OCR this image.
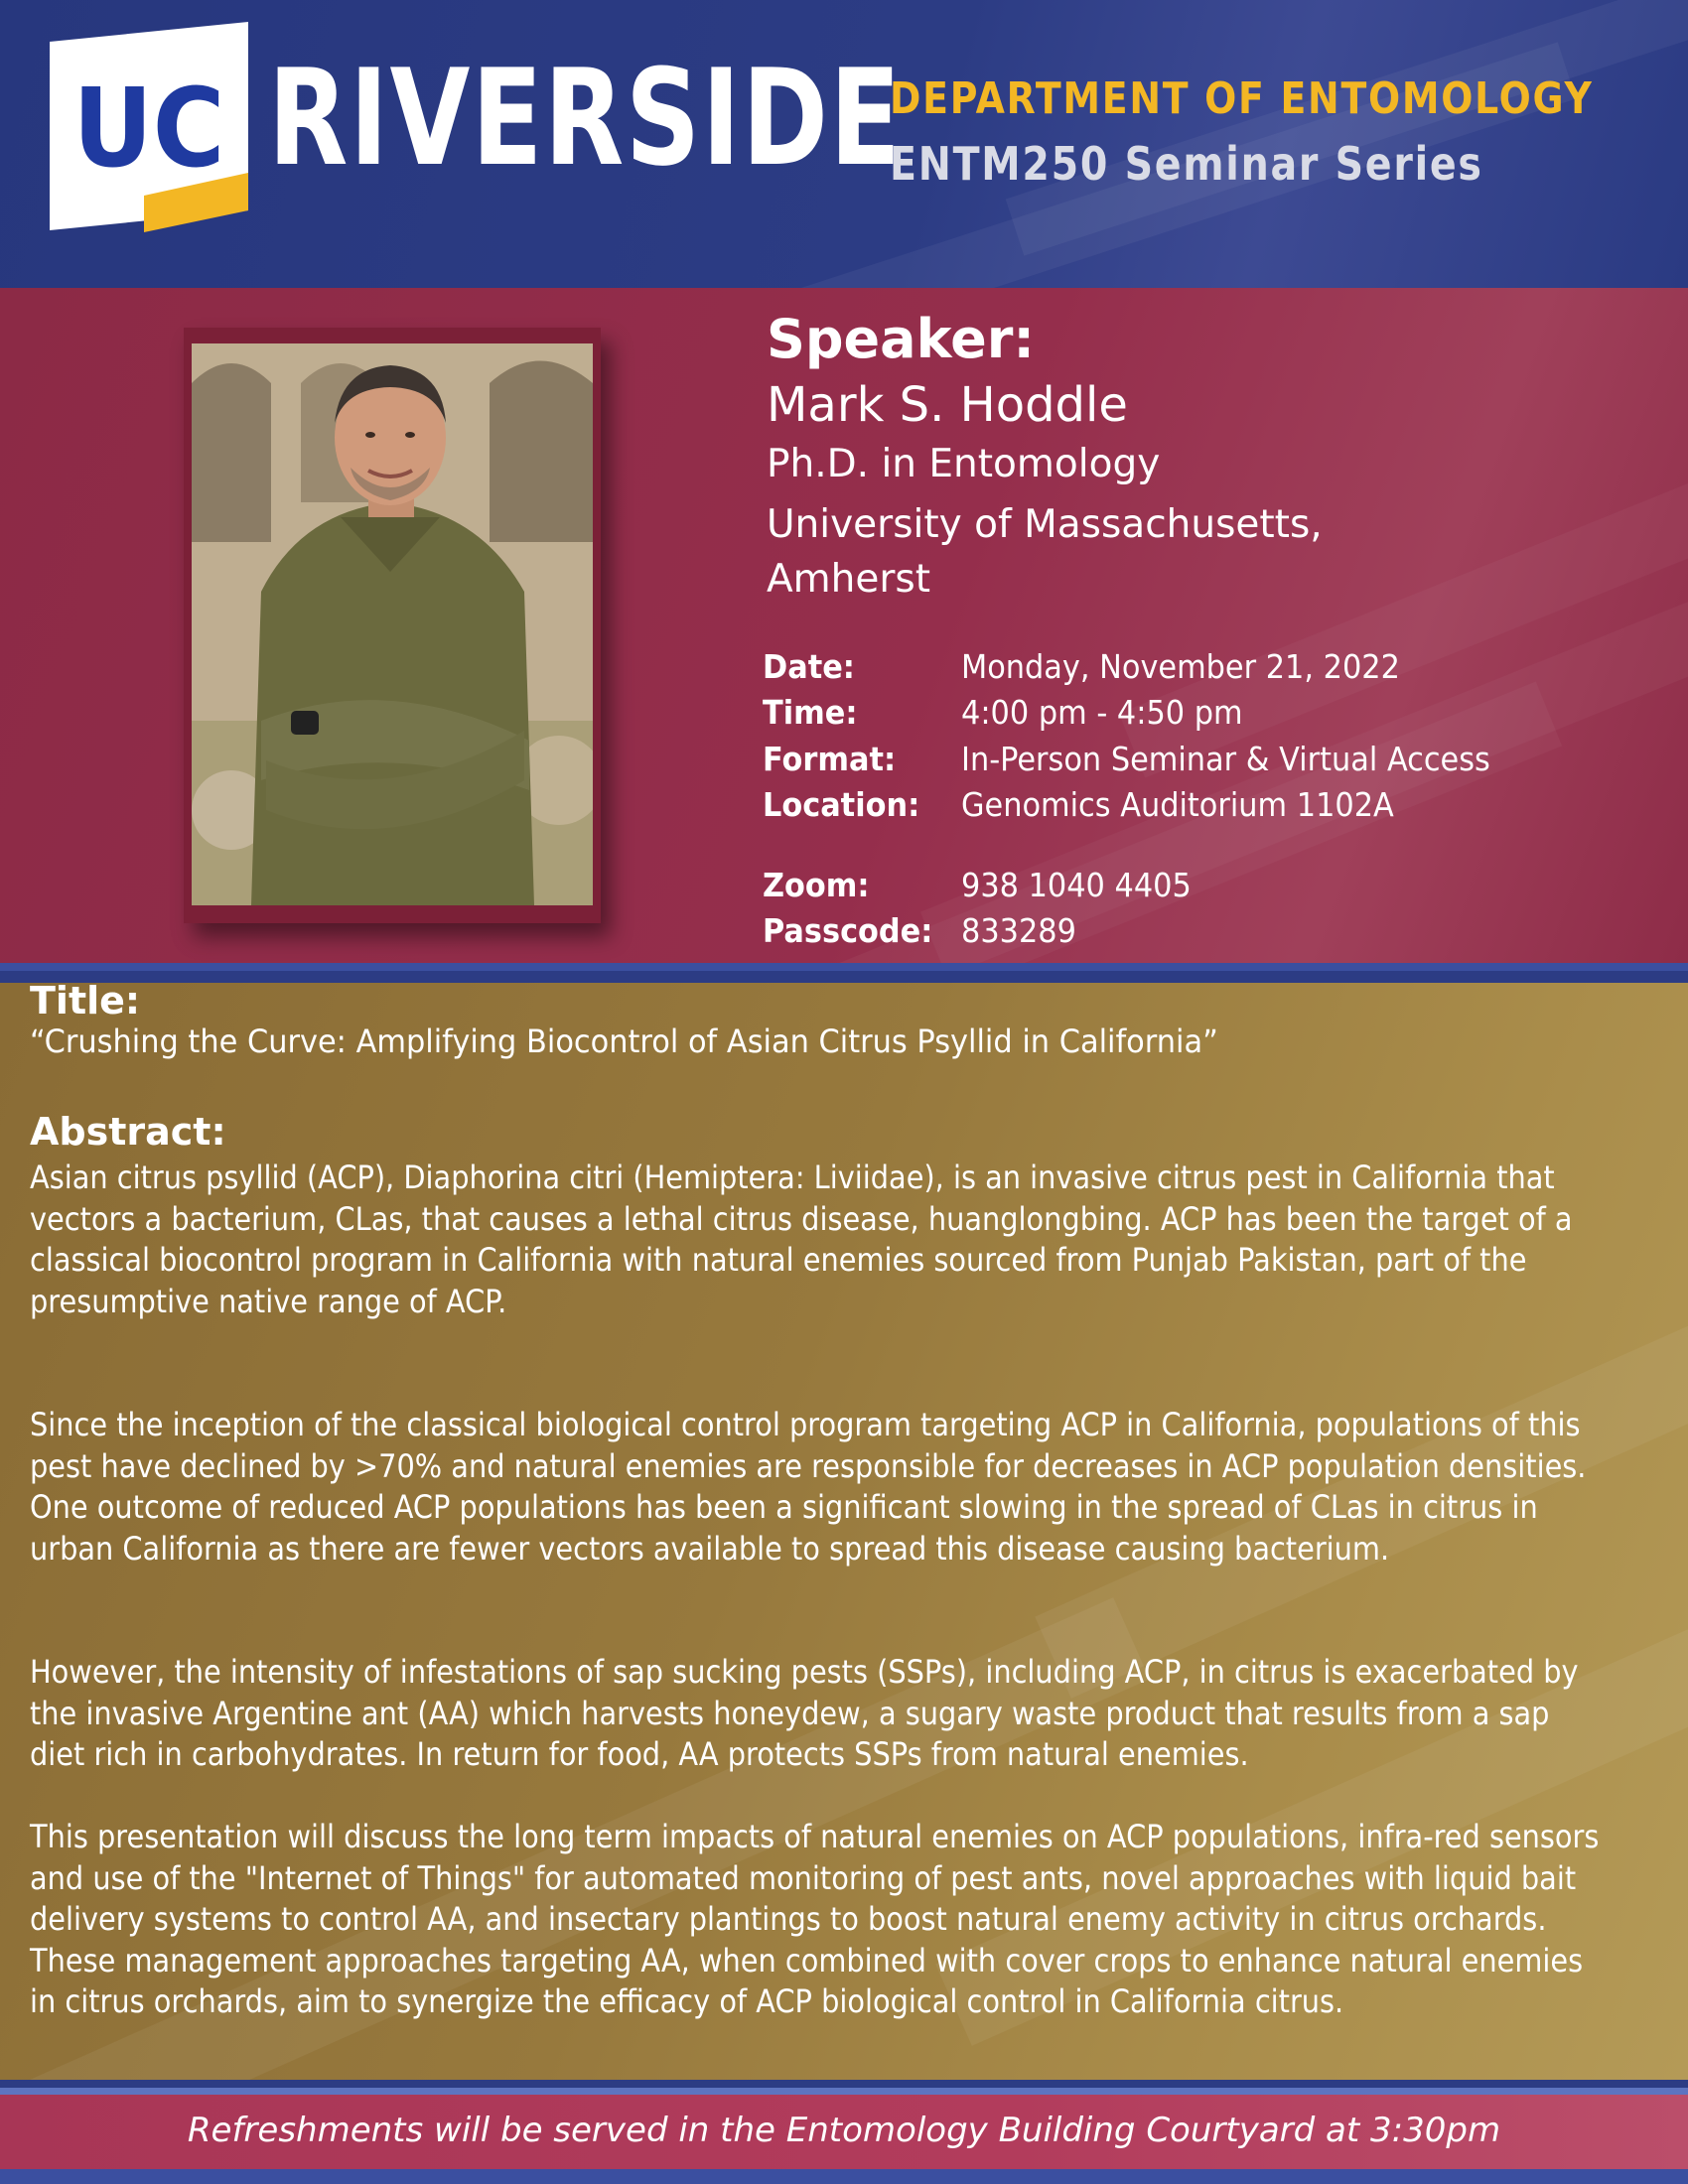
UC RIVERSIDE
DEPARTMENT OF ENTOMOLOGY
ENTM250 Seminar Series
Speaker:
Mark S. Hoddle
Ph.D. in Entomology
University of Massachusetts, Amherst
Date:	Monday, November 21, 2022
Time:	4:00 pm - 4:50 pm
Format: In-Person Seminar & Virtual Access
Location: Genomics Auditorium 1102A
Zoom:	938 1040 4405
Passcode: 833289
Title:
“Crushing the Curve: Amplifying Biocontrol of Asian Citrus Psyllid in California”
Abstract:

Asian citrus psyllid (ACP), Diaphorina citri (Hemiptera: Liviidae), is an invasive citrus pest in California that vectors a bacterium, CLas, that causes a lethal citrus disease, huanglongbing. ACP has been the target of a classical biocontrol program in California with natural enemies sourced from Punjab Pakistan, part of the presumptive native range of ACP.

Since the inception of the classical biological control program targeting ACP in California, populations of this pest have declined by >70% and natural enemies are responsible for decreases in ACP population densities. One outcome of reduced ACP populations has been a significant slowing in the spread of CLas in citrus in urban California as there are fewer vectors available to spread this disease causing bacterium.

However, the intensity of infestations of sap sucking pests (SSPs), including ACP, in citrus is exacerbated by the invasive Argentine ant (AA) which harvests honeydew, a sugary waste product that results from a sap diet rich in carbohydrates. In return for food, AA protects SSPs from natural enemies.

This presentation will discuss the long term impacts of natural enemies on ACP populations, infra-red sensors and use of the "Internet of Things" for automated monitoring of pest ants, novel approaches with liquid bait delivery systems to control AA, and insectary plantings to boost natural enemy activity in citrus orchards. These management approaches targeting AA, when combined with cover crops to enhance natural enemies in citrus orchards, aim to synergize the efficacy of ACP biological control in California citrus.

Refreshments will be served in the Entomology Building Courtyard at 3:30pm
